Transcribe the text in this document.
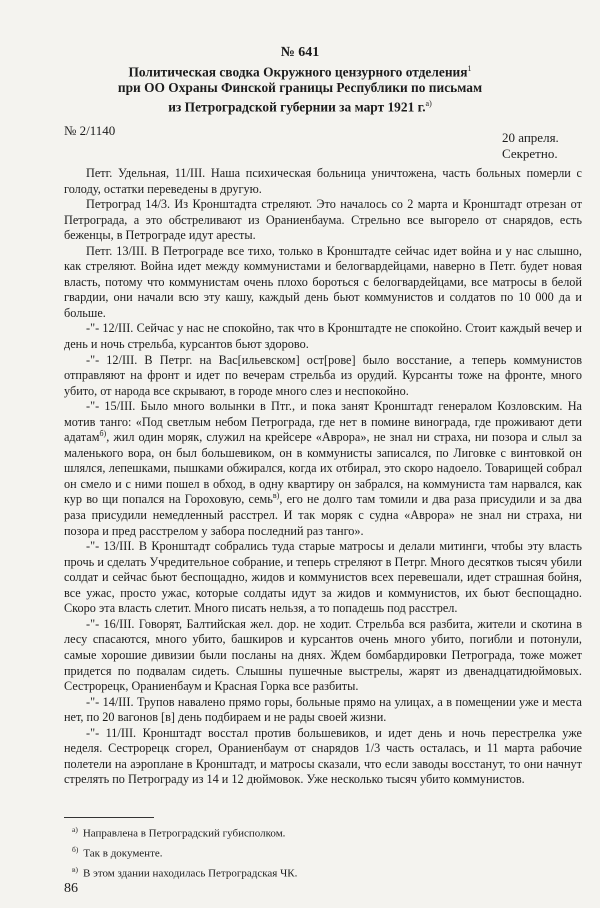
№ 641
Политическая сводка Окружного цензурного отделения$^1$
при ОО Охраны Финской границы Республики по письмам
из Петроградской губернии за март 1921 г.$^{а)}$
№ 2/1140	20 апреля.
Секретно.

Петг. Удельная, 11/III. Наша психическая больница уничтожена, часть больных померли с голоду, остатки переведены в другую.

Петроград 14/3. Из Кронштадта стреляют. Это началось со 2 марта и Кронштадт отрезан от Петрограда, а это обстреливают из Ораниенбаума. Стрельно все выгорело от снарядов, есть беженцы, в Петрограде идут аресты.

Петг. 13/III. В Петрограде все тихо, только в Кронштадте сейчас идет война и у нас слышно, как стреляют. Война идет между коммунистами и белогвардейцами, наверно в Петг. будет новая власть, потому что коммунистам очень плохо бороться с белогвардейцами, все матросы в белой гвардии, они начали всю эту кашу, каждый день бьют коммунистов и солдатов по 10 000 да и больше.

-"- 12/III. Сейчас у нас не спокойно, так что в Кронштадте не спокойно. Стоит каждый вечер и день и ночь стрельба, курсантов бьют здорово.

-"- 12/III. В Петрг. на Вас[ильевском] ост[рове] было восстание, а теперь коммунистов отправляют на фронт и идет по вечерам стрельба из орудий. Курсанты тоже на фронте, много убито, от народа все скрывают, в городе много слез и неспокойно.

-"- 15/III. Было много волынки в Птг., и пока занят Кронштадт генералом Козловским. На мотив танго: «Под светлым небом Петрограда, где нет в помине винограда, где проживают дети адатам$^{б)}$, жил один моряк, служил на крейсере «Аврора», не знал ни страха, ни позора и слыл за маленького вора, он был большевиком, он в коммунисты записался, по Лиговке с винтовкой он шлялся, лепешками, пышками обжирался, когда их отбирал, это скоро надоело. Товарищей собрал он смело и с ними пошел в обход, в одну квартиру он забрался, на коммуниста там нарвался, как кур во щи попался на Гороховую, семь$^{в)}$, его не долго там томили и два раза присудили и за два раза присудили немедленный расстрел. И так моряк с судна «Аврора» не знал ни страха, ни позора и пред расстрелом у забора последний раз танго».

-"- 13/III. В Кронштадт собрались туда старые матросы и делали митинги, чтобы эту власть прочь и сделать Учредительное собрание, и теперь стреляют в Петрг. Много десятков тысяч убили солдат и сейчас бьют беспощадно, жидов и коммунистов всех перевешали, идет страшная бойня, все ужас, просто ужас, которые солдаты идут за жидов и коммунистов, их бьют беспощадно. Скоро эта власть слетит. Много писать нельзя, а то попадешь под расстрел.

-"- 16/III. Говорят, Балтийская жел. дор. не ходит. Стрельба вся разбита, жители и скотина в лесу спасаются, много убито, башкиров и курсантов очень много убито, погибли и потонули, самые хорошие дивизии были посланы на днях. Ждем бомбардировки Петрограда, тоже может придется по подвалам сидеть. Слышны пушечные выстрелы, жарят из двенадцатидюймовых. Сестрорецк, Ораниенбаум и Красная Горка все разбиты.

-"- 14/III. Трупов навалено прямо горы, больные прямо на улицах, а в помещении уже и места нет, по 20 вагонов [в] день подбираем и не рады своей жизни.

-"- 11/III. Кронштадт восстал против большевиков, и идет день и ночь перестрелка уже неделя. Сестрорецк сгорел, Ораниенбаум от снарядов 1/3 часть осталась, и 11 марта рабочие полетели на аэроплане в Кронштадт, и матросы сказали, что если заводы восстанут, то они начнут стрелять по Петрограду из 14 и 12 дюймовок. Уже несколько тысяч убито коммунистов.

$^{а)}$ Направлена в Петроградский губисполком.
$^{б)}$ Так в документе.
$^{в)}$ В этом здании находилась Петроградская ЧК.
86
